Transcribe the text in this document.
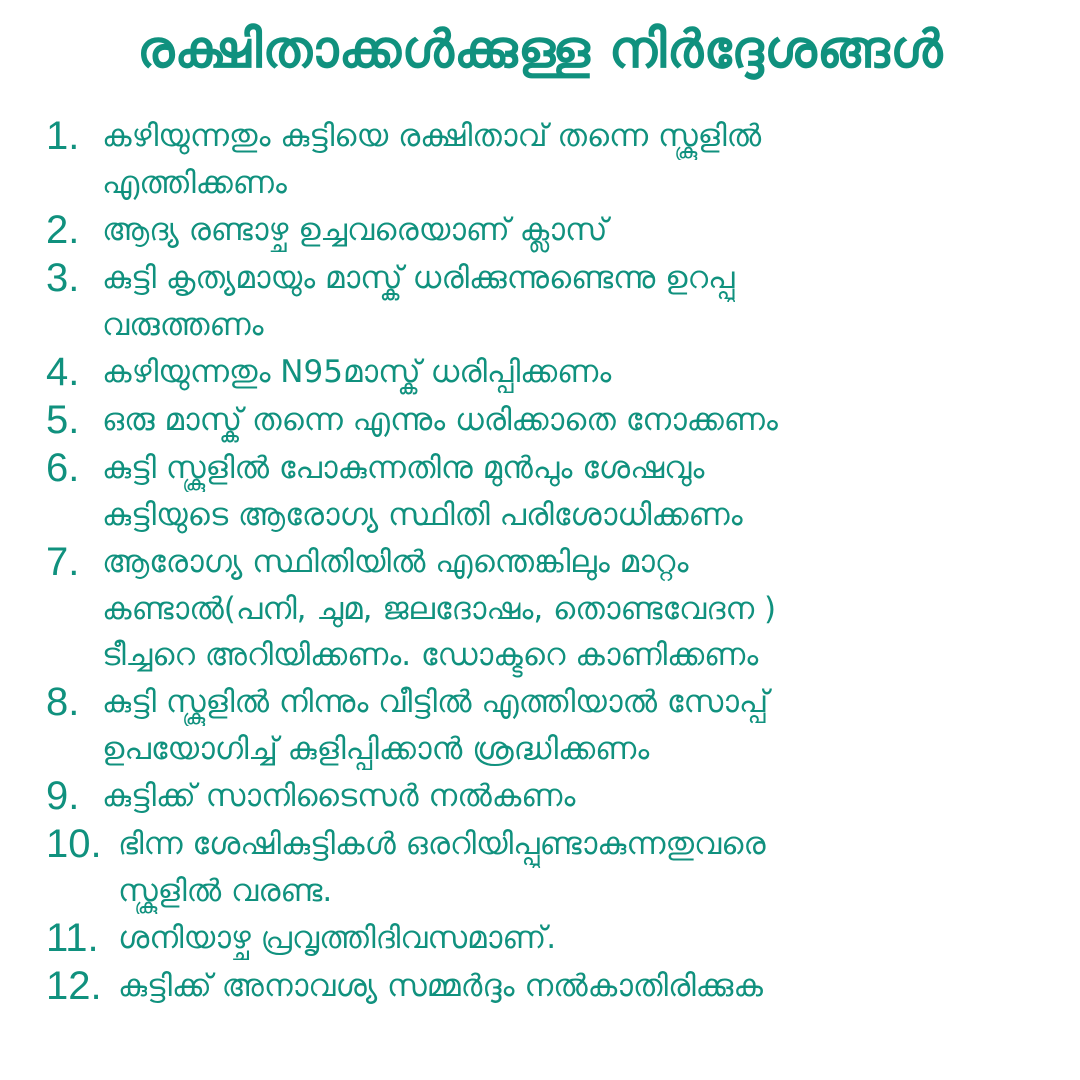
രക്ഷിതാക്കൾക്കുള്ള നിർദ്ദേശങ്ങൾ
1. കഴിയുന്നതും കുട്ടിയെ രക്ഷിതാവ് തന്നെ സ്കൂളിൽ
എത്തിക്കണം
2. ആദ്യ രണ്ടാഴ്ച ഉച്ചവരെയാണ് ക്ലാസ്
3. കുട്ടി കൃത്യമായും മാസ്ക് ധരിക്കുന്നുണ്ടെന്നു ഉറപ്പു
വരുത്തണം
4. കഴിയുന്നതും N95മാസ്ക് ധരിപ്പിക്കണം
5. ഒരു മാസ്ക് തന്നെ എന്നും ധരിക്കാതെ നോക്കണം
6. കുട്ടി സ്കൂളിൽ പോകുന്നതിനു മുൻപും ശേഷവും
കുട്ടിയുടെ ആരോഗ്യ സ്ഥിതി പരിശോധിക്കണം
7. ആരോഗ്യ സ്ഥിതിയിൽ എന്തെങ്കിലും മാറ്റം
കണ്ടാൽ(പനി, ചുമ, ജലദോഷം, തൊണ്ടവേദന )
ടീച്ചറെ അറിയിക്കണം. ഡോക്ടറെ കാണിക്കണം
8. കുട്ടി സ്കൂളിൽ നിന്നും വീട്ടിൽ എത്തിയാൽ സോപ്പ്
ഉപയോഗിച്ച് കുളിപ്പിക്കാൻ ശ്രദ്ധിക്കണം
9. കുട്ടിക്ക് സാനിടൈസർ നൽകണം
10. ഭിന്ന ശേഷികുട്ടികൾ ഒരറിയിപ്പുണ്ടാകുന്നതുവരെ
സ്കൂളിൽ വരണ്ട.
11. ശനിയാഴ്ച പ്രവൃത്തിദിവസമാണ്.
12. കുട്ടിക്ക് അനാവശ്യ സമ്മർദ്ദം നൽകാതിരിക്കുക
